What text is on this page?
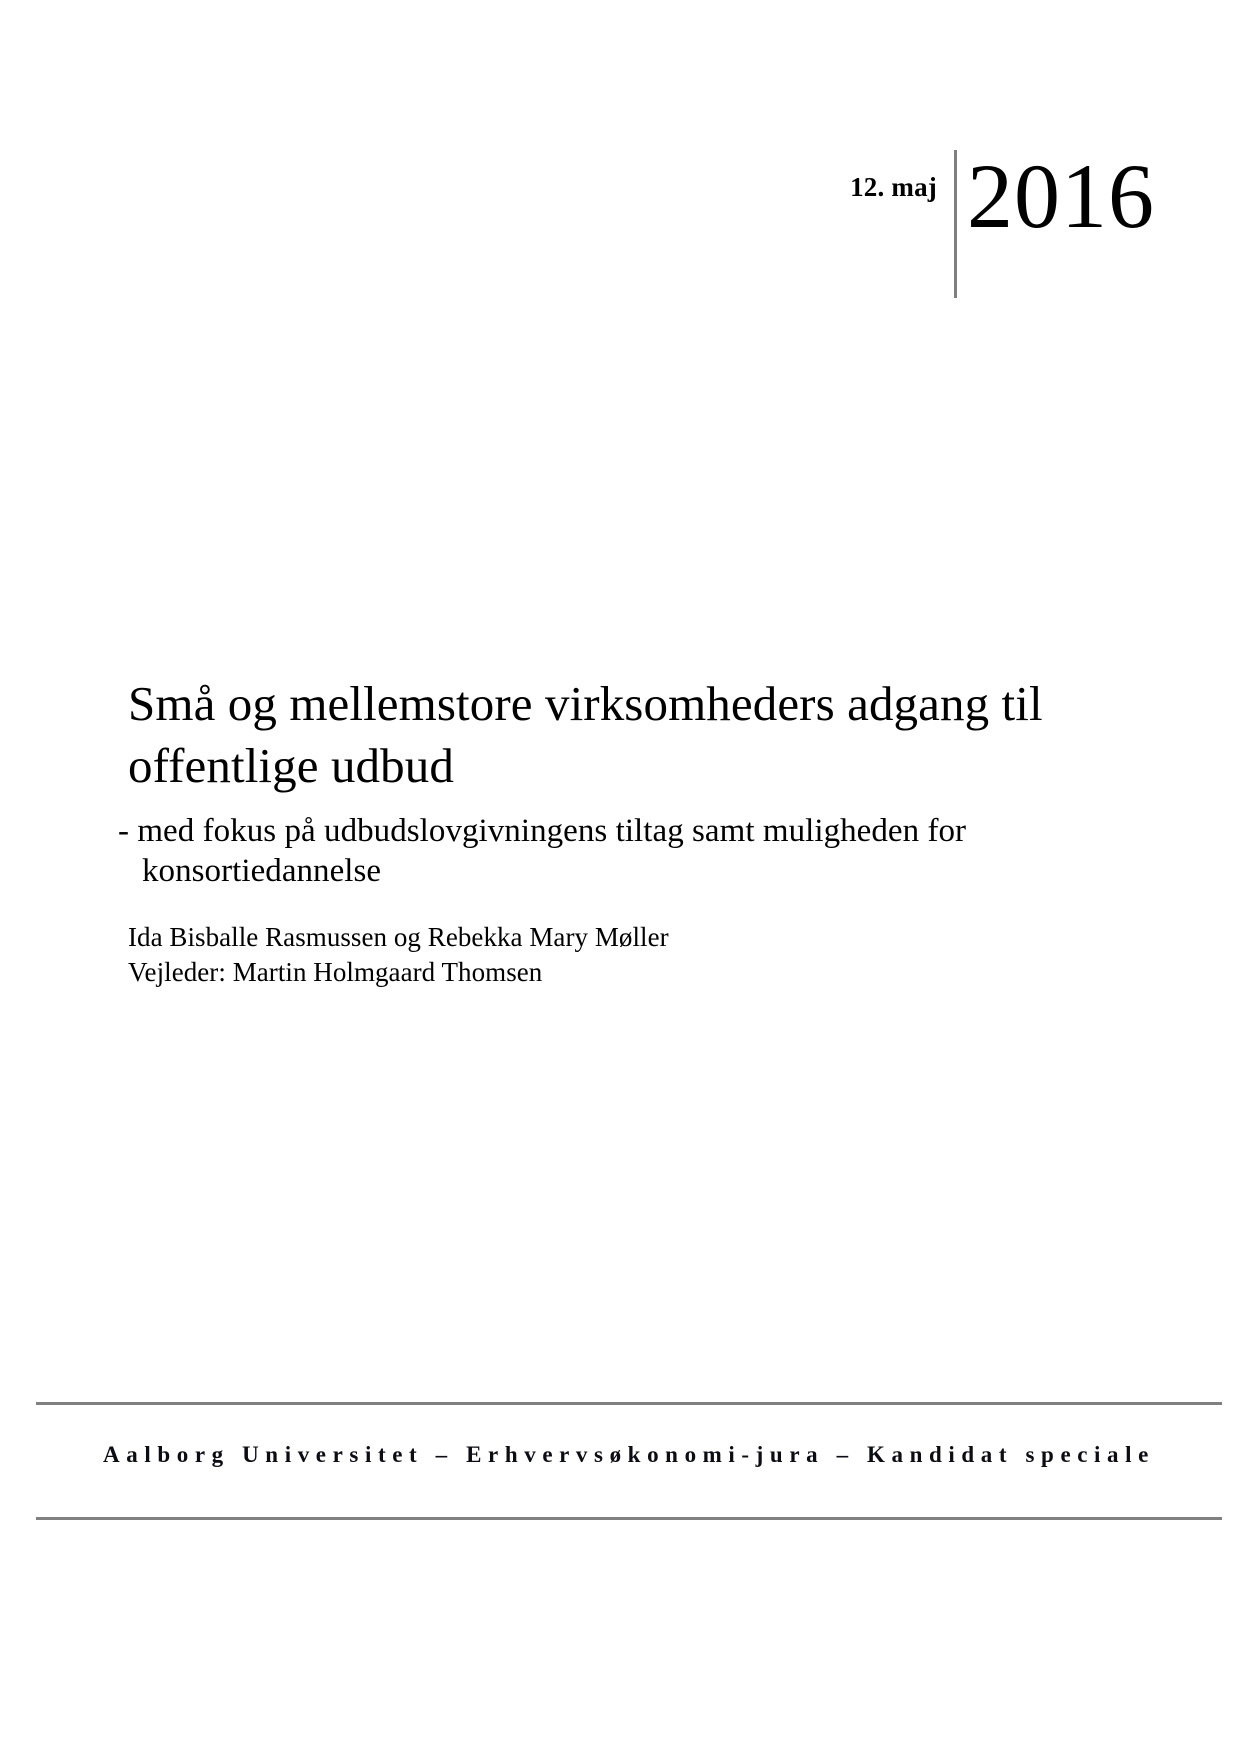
12. maj 2016
Små og mellemstore virksomheders adgang til
offentlige udbud

- med fokus på udbudslovgivningens tiltag samt muligheden for konsortiedannelse

Ida Bisballe Rasmussen og Rebekka Mary Møller

Vejleder: Martin Holmgaard Thomsen

Aalborg Universitet – Erhvervsøkonomi-jura – Kandidat speciale
